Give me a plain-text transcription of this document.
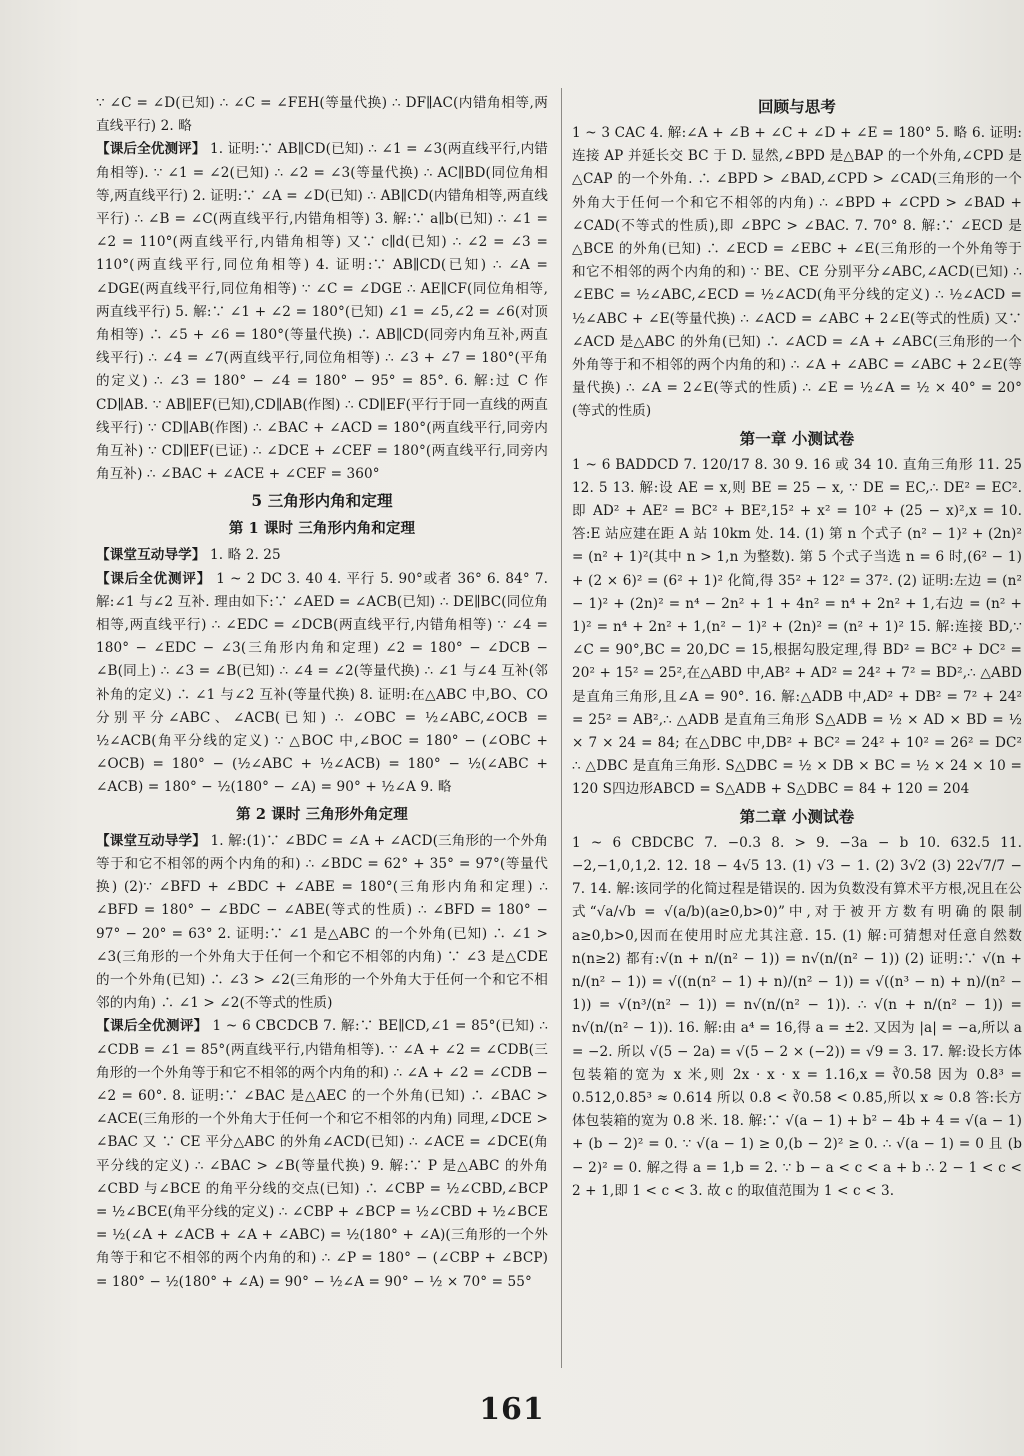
∵ ∠C = ∠D(已知) ∴ ∠C = ∠FEH(等量代换) ∴ DF∥AC(内错角相等,两直线平行) 2. 略

【课后全优测评】 1. 证明:∵ AB∥CD(已知) ∴ ∠1 = ∠3(两直线平行,内错角相等). ∵ ∠1 = ∠2(已知) ∴ ∠2 = ∠3(等量代换) ∴ AC∥BD(同位角相等,两直线平行) 2. 证明:∵ ∠A = ∠D(已知) ∴ AB∥CD(内错角相等,两直线平行) ∴ ∠B = ∠C(两直线平行,内错角相等) 3. 解:∵ a∥b(已知) ∴ ∠1 = ∠2 = 110°(两直线平行,内错角相等) 又∵ c∥d(已知) ∴ ∠2 = ∠3 = 110°(两直线平行,同位角相等) 4. 证明:∵ AB∥CD(已知) ∴ ∠A = ∠DGE(两直线平行,同位角相等) ∵ ∠C = ∠DGE ∴ AE∥CF(同位角相等,两直线平行) 5. 解:∵ ∠1 + ∠2 = 180°(已知) ∠1 = ∠5,∠2 = ∠6(对顶角相等) ∴ ∠5 + ∠6 = 180°(等量代换) ∴ AB∥CD(同旁内角互补,两直线平行) ∴ ∠4 = ∠7(两直线平行,同位角相等) ∴ ∠3 + ∠7 = 180°(平角的定义) ∴ ∠3 = 180° − ∠4 = 180° − 95° = 85°. 6. 解:过 C 作 CD∥AB. ∵ AB∥EF(已知),CD∥AB(作图) ∴ CD∥EF(平行于同一直线的两直线平行) ∵ CD∥AB(作图) ∴ ∠BAC + ∠ACD = 180°(两直线平行,同旁内角互补) ∵ CD∥EF(已证) ∴ ∠DCE + ∠CEF = 180°(两直线平行,同旁内角互补) ∴ ∠BAC + ∠ACE + ∠CEF = 360°

5 三角形内角和定理
第 1 课时 三角形内角和定理

【课堂互动导学】 1. 略 2. 25

【课后全优测评】 1 ~ 2 DC 3. 40 4. 平行 5. 90°或者 36° 6. 84° 7. 解:∠1 与∠2 互补. 理由如下:∵ ∠AED = ∠ACB(已知) ∴ DE∥BC(同位角相等,两直线平行) ∴ ∠EDC = ∠DCB(两直线平行,内错角相等) ∵ ∠4 = 180° − ∠EDC − ∠3(三角形内角和定理) ∠2 = 180° − ∠DCB − ∠B(同上) ∴ ∠3 = ∠B(已知) ∴ ∠4 = ∠2(等量代换) ∴ ∠1 与∠4 互补(邻补角的定义) ∴ ∠1 与∠2 互补(等量代换) 8. 证明:在△ABC 中,BO、CO 分别平分∠ABC、∠ACB(已知) ∴ ∠OBC = ½∠ABC,∠OCB = ½∠ACB(角平分线的定义) ∵ △BOC 中,∠BOC = 180° − (∠OBC + ∠OCB) = 180° − (½∠ABC + ½∠ACB) = 180° − ½(∠ABC + ∠ACB) = 180° − ½(180° − ∠A) = 90° + ½∠A 9. 略

第 2 课时 三角形外角定理

【课堂互动导学】 1. 解:(1)∵ ∠BDC = ∠A + ∠ACD(三角形的一个外角等于和它不相邻的两个内角的和) ∴ ∠BDC = 62° + 35° = 97°(等量代换) (2)∵ ∠BFD + ∠BDC + ∠ABE = 180°(三角形内角和定理) ∴ ∠BFD = 180° − ∠BDC − ∠ABE(等式的性质) ∴ ∠BFD = 180° − 97° − 20° = 63° 2. 证明:∵ ∠1 是△ABC 的一个外角(已知) ∴ ∠1 > ∠3(三角形的一个外角大于任何一个和它不相邻的内角) ∵ ∠3 是△CDE 的一个外角(已知) ∴ ∠3 > ∠2(三角形的一个外角大于任何一个和它不相邻的内角) ∴ ∠1 > ∠2(不等式的性质)

【课后全优测评】 1 ~ 6 CBCDCB 7. 解:∵ BE∥CD,∠1 = 85°(已知) ∴ ∠CDB = ∠1 = 85°(两直线平行,内错角相等). ∵ ∠A + ∠2 = ∠CDB(三角形的一个外角等于和它不相邻的两个内角的和) ∴ ∠A + ∠2 = ∠CDB − ∠2 = 60°. 8. 证明:∵ ∠BAC 是△AEC 的一个外角(已知) ∴ ∠BAC > ∠ACE(三角形的一个外角大于任何一个和它不相邻的内角) 同理,∠DCE > ∠BAC 又 ∵ CE 平分△ABC 的外角∠ACD(已知) ∴ ∠ACE = ∠DCE(角平分线的定义) ∴ ∠BAC > ∠B(等量代换) 9. 解:∵ P 是△ABC 的外角∠CBD 与∠BCE 的角平分线的交点(已知) ∴ ∠CBP = ½∠CBD,∠BCP = ½∠BCE(角平分线的定义) ∴ ∠CBP + ∠BCP = ½∠CBD + ½∠BCE = ½(∠A + ∠ACB + ∠A + ∠ABC) = ½(180° + ∠A)(三角形的一个外角等于和它不相邻的两个内角的和) ∴ ∠P = 180° − (∠CBP + ∠BCP) = 180° − ½(180° + ∠A) = 90° − ½∠A = 90° − ½ × 70° = 55°

回顾与思考

1 ~ 3 CAC 4. 解:∠A + ∠B + ∠C + ∠D + ∠E = 180° 5. 略 6. 证明:连接 AP 并延长交 BC 于 D. 显然,∠BPD 是△BAP 的一个外角,∠CPD 是△CAP 的一个外角. ∴ ∠BPD > ∠BAD,∠CPD > ∠CAD(三角形的一个外角大于任何一个和它不相邻的内角) ∴ ∠BPD + ∠CPD > ∠BAD + ∠CAD(不等式的性质),即 ∠BPC > ∠BAC. 7. 70° 8. 解:∵ ∠ECD 是△BCE 的外角(已知) ∴ ∠ECD = ∠EBC + ∠E(三角形的一个外角等于和它不相邻的两个内角的和) ∵ BE、CE 分别平分∠ABC,∠ACD(已知) ∴ ∠EBC = ½∠ABC,∠ECD = ½∠ACD(角平分线的定义) ∴ ½∠ACD = ½∠ABC + ∠E(等量代换) ∴ ∠ACD = ∠ABC + 2∠E(等式的性质) 又∵ ∠ACD 是△ABC 的外角(已知) ∴ ∠ACD = ∠A + ∠ABC(三角形的一个外角等于和不相邻的两个内角的和) ∴ ∠A + ∠ABC = ∠ABC + 2∠E(等量代换) ∴ ∠A = 2∠E(等式的性质) ∴ ∠E = ½∠A = ½ × 40° = 20°(等式的性质)

第一章 小测试卷

1 ~ 6 BADDCD 7. 120/17 8. 30 9. 16 或 34 10. 直角三角形 11. 25 12. 5 13. 解:设 AE = x,则 BE = 25 − x, ∵ DE = EC,∴ DE² = EC². 即 AD² + AE² = BC² + BE²,15² + x² = 10² + (25 − x)²,x = 10. 答:E 站应建在距 A 站 10km 处. 14. (1) 第 n 个式子 (n² − 1)² + (2n)² = (n² + 1)²(其中 n > 1,n 为整数). 第 5 个式子当选 n = 6 时,(6² − 1) + (2 × 6)² = (6² + 1)² 化简,得 35² + 12² = 37². (2) 证明:左边 = (n² − 1)² + (2n)² = n⁴ − 2n² + 1 + 4n² = n⁴ + 2n² + 1,右边 = (n² + 1)² = n⁴ + 2n² + 1,(n² − 1)² + (2n)² = (n² + 1)² 15. 解:连接 BD,∵ ∠C = 90°,BC = 20,DC = 15,根据勾股定理,得 BD² = BC² + DC² = 20² + 15² = 25²,在△ABD 中,AB² + AD² = 24² + 7² = BD²,∴ △ABD 是直角三角形,且∠A = 90°. 16. 解:△ADB 中,AD² + DB² = 7² + 24² = 25² = AB²,∴ △ADB 是直角三角形 S△ADB = ½ × AD × BD = ½ × 7 × 24 = 84; 在△DBC 中,DB² + BC² = 24² + 10² = 26² = DC² ∴ △DBC 是直角三角形. S△DBC = ½ × DB × BC = ½ × 24 × 10 = 120 S四边形ABCD = S△ADB + S△DBC = 84 + 120 = 204

第二章 小测试卷

1 ~ 6 CBDCBC 7. −0.3 8. > 9. −3a − b 10. 632.5 11. −2,−1,0,1,2. 12. 18 − 4√5 13. (1) √3 − 1. (2) 3√2 (3) 22√7/7 − 7. 14. 解:该同学的化简过程是错误的. 因为负数没有算术平方根,况且在公式“√a/√b = √(a/b)(a≥0,b>0)”中,对于被开方数有明确的限制 a≥0,b>0,因而在使用时应尤其注意. 15. (1) 解:可猜想对任意自然数 n(n≥2) 都有:√(n + n/(n² − 1)) = n√(n/(n² − 1)) (2) 证明:∵ √(n + n/(n² − 1)) = √((n(n² − 1) + n)/(n² − 1)) = √((n³ − n) + n)/(n² − 1)) = √(n³/(n² − 1)) = n√(n/(n² − 1)). ∴ √(n + n/(n² − 1)) = n√(n/(n² − 1)). 16. 解:由 a⁴ = 16,得 a = ±2. 又因为 |a| = −a,所以 a = −2. 所以 √(5 − 2a) = √(5 − 2 × (−2)) = √9 = 3. 17. 解:设长方体包装箱的宽为 x 米,则 2x · x · x = 1.16,x = ∛0.58 因为 0.8³ = 0.512,0.85³ ≈ 0.614 所以 0.8 < ∛0.58 < 0.85,所以 x ≈ 0.8 答:长方体包装箱的宽为 0.8 米. 18. 解:∵ √(a − 1) + b² − 4b + 4 = √(a − 1) + (b − 2)² = 0. ∵ √(a − 1) ≥ 0,(b − 2)² ≥ 0. ∴ √(a − 1) = 0 且 (b − 2)² = 0. 解之得 a = 1,b = 2. ∵ b − a < c < a + b ∴ 2 − 1 < c < 2 + 1,即 1 < c < 3. 故 c 的取值范围为 1 < c < 3.

161
